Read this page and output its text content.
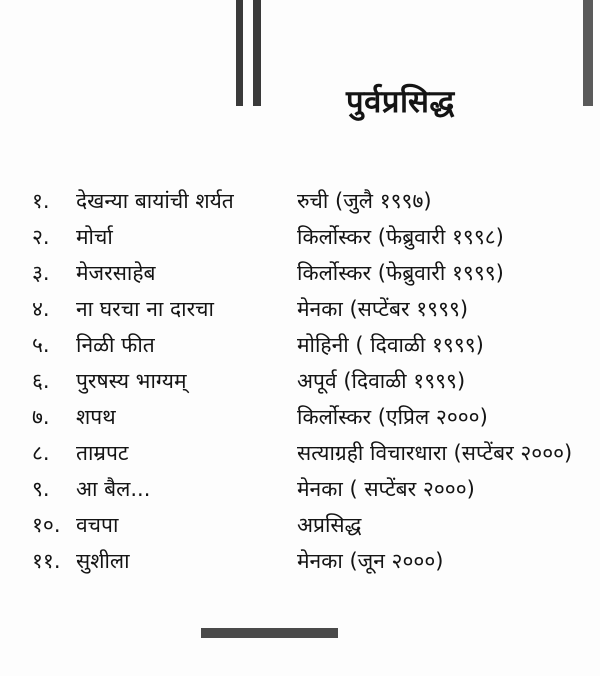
पुर्वप्रसिद्ध
१.	देखन्या बायांची शर्यत	रुची (जुलै १९९७)
२.	मोर्चा	किर्लोस्कर (फेब्रुवारी १९९८)
३.	मेजरसाहेब	किर्लोस्कर (फेब्रुवारी १९९९)
४.	ना घरचा ना दारचा	मेनका (सप्टेंबर १९९९)
५.	निळी फीत	मोहिनी ( दिवाळी १९९९)
६.	पुरषस्य भाग्यम्	अपूर्व (दिवाळी १९९९)
७.	शपथ	किर्लोस्कर (एप्रिल २०००)
८.	ताम्रपट	सत्याग्रही विचारधारा (सप्टेंबर २०००)
९.	आ बैल...	मेनका ( सप्टेंबर २०००)
१०. वचपा	अप्रसिद्ध
११. सुशीला	मेनका (जून २०००)
